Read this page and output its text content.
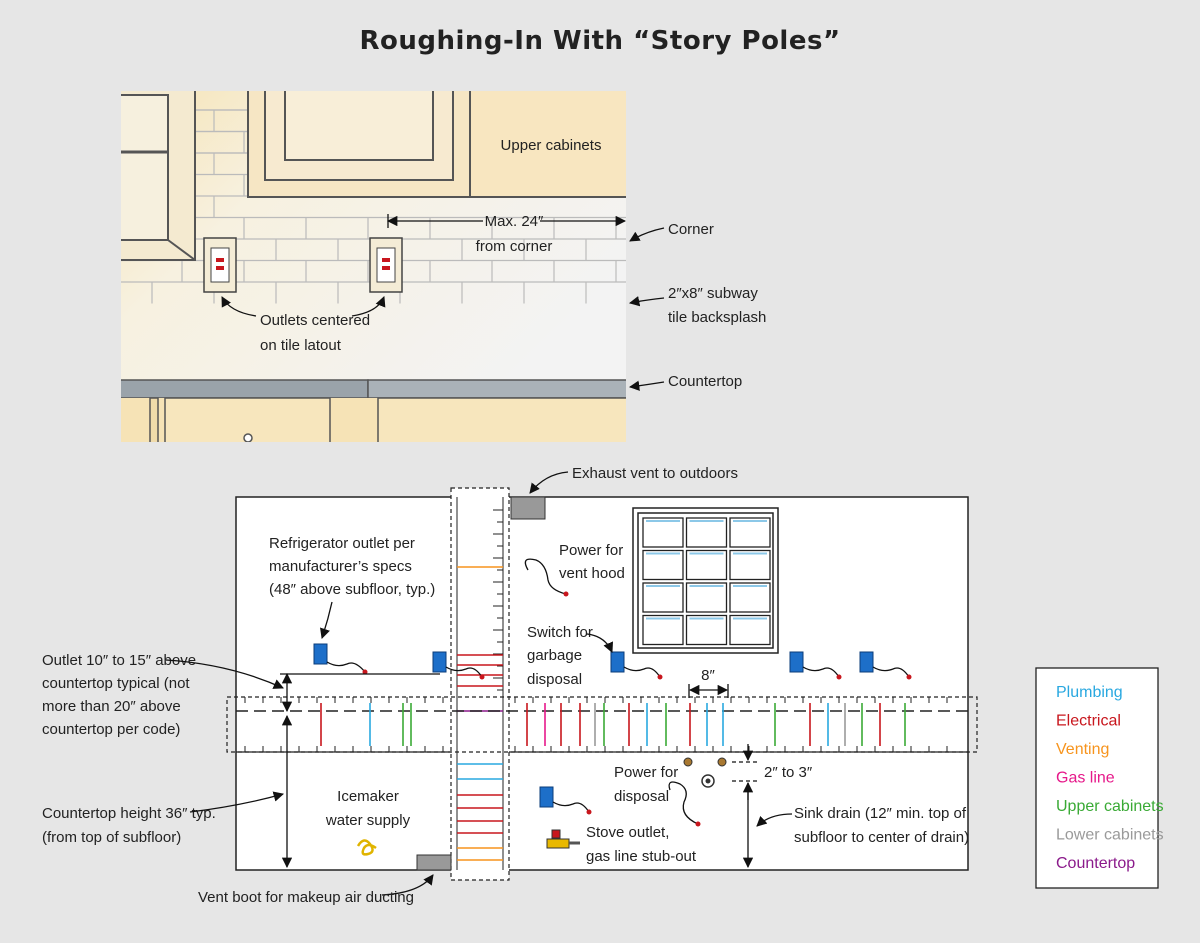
Roughing-In With “Story Poles”
Upper cabinets
Max. 24″
from corner
Corner
2″x8″ subway
tile backsplash
Outlets centered
on tile latout
Countertop
Exhaust vent to outdoors
Refrigerator outlet per
manufacturer’s specs
(48″ above subfloor, typ.)
Power for
vent hood
Switch for
garbage
disposal
Outlet 10″ to 15″ above
countertop typical (not
more than 20″ above
countertop per code)
8″
Countertop height 36″ typ.
(from top of subfloor)
Icemaker
water supply
Vent boot for makeup air ducting
Power for
disposal
2″ to 3″
Sink drain (12″ min. top of
subfloor to center of drain)
Stove outlet,
gas line stub-out
Plumbing
Electrical
Venting
Gas line
Upper cabinets
Lower cabinets
Countertop
